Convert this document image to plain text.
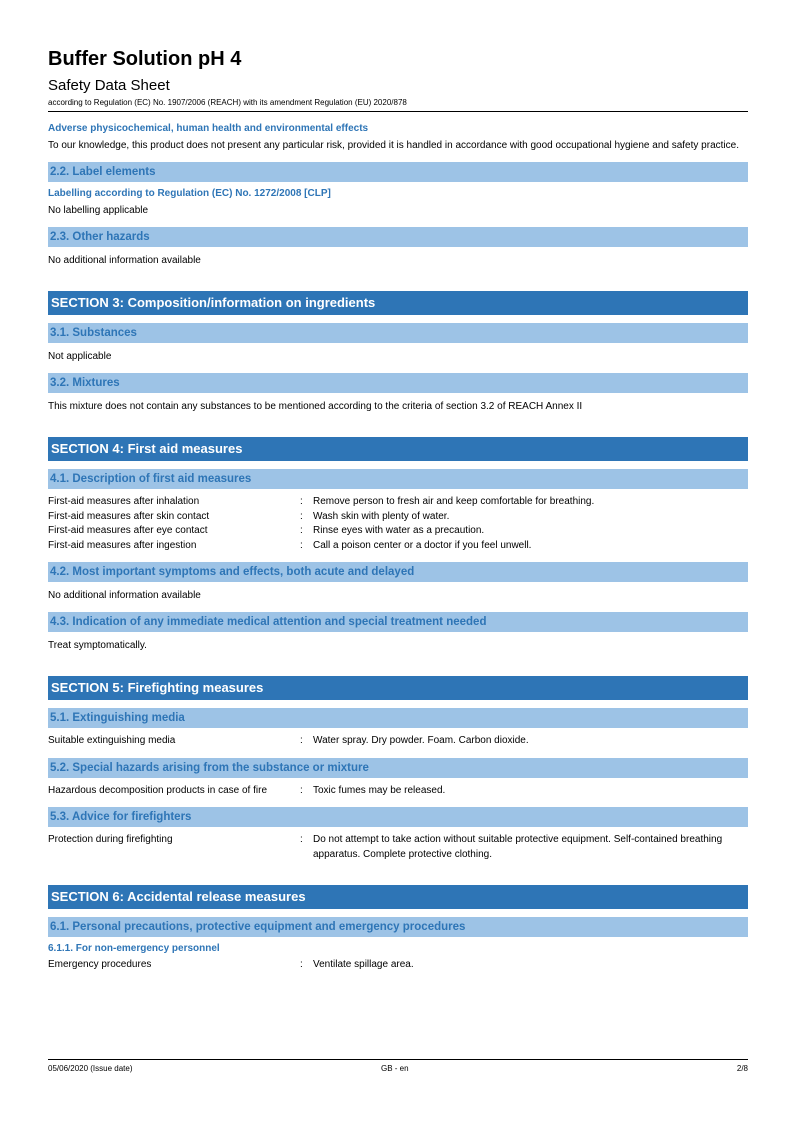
Buffer Solution pH 4
Safety Data Sheet
according to Regulation (EC) No. 1907/2006 (REACH) with its amendment Regulation (EU) 2020/878
Adverse physicochemical, human health and environmental effects

To our knowledge, this product does not present any particular risk, provided it is handled in accordance with good occupational hygiene and safety practice.

2.2. Label elements
Labelling according to Regulation (EC) No. 1272/2008 [CLP]

No labelling applicable

2.3. Other hazards

No additional information available

SECTION 3: Composition/information on ingredients
3.1. Substances

Not applicable

3.2. Mixtures

This mixture does not contain any substances to be mentioned according to the criteria of section 3.2 of REACH Annex II

SECTION 4: First aid measures
4.1. Description of first aid measures
First-aid measures after inhalation	:	Remove person to fresh air and keep comfortable for breathing.
First-aid measures after skin contact	:	Wash skin with plenty of water.
First-aid measures after eye contact	:	Rinse eyes with water as a precaution.
First-aid measures after ingestion	:	Call a poison center or a doctor if you feel unwell.
4.2. Most important symptoms and effects, both acute and delayed

No additional information available

4.3. Indication of any immediate medical attention and special treatment needed

Treat symptomatically.

SECTION 5: Firefighting measures
5.1. Extinguishing media
Suitable extinguishing media	:	Water spray. Dry powder. Foam. Carbon dioxide.
5.2. Special hazards arising from the substance or mixture
Hazardous decomposition products in case of fire	:	Toxic fumes may be released.
5.3. Advice for firefighters
Protection during firefighting	:	Do not attempt to take action without suitable protective equipment. Self-contained breathing apparatus. Complete protective clothing.
SECTION 6: Accidental release measures
6.1. Personal precautions, protective equipment and emergency procedures
6.1.1. For non-emergency personnel
Emergency procedures	:	Ventilate spillage area.
05/06/2020 (Issue date)	GB - en	2/8
